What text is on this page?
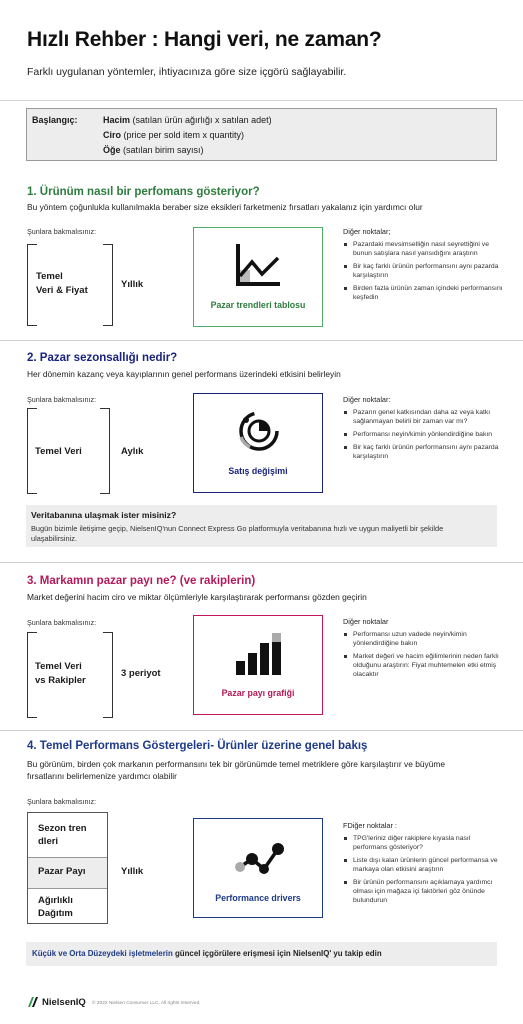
Hızlı Rehber : Hangi veri, ne zaman?
Farklı uygulanan yöntemler, ihtiyacınıza göre size içgörü sağlayabilir.
Başlangıç:	Hacim (satılan ürün ağırlığı x satılan adet)
Ciro (price per sold item x quantity)
Öğe (satılan birim sayısı)
1. Ürünüm nasıl bir perfomans gösteriyor?
Bu yöntem çoğunlukla kullanılmakla beraber size eksikleri farketmeniz fırsatları yakalanız için yardımcı olur
Şunlara bakmalısınız:
Temel
Veri & Fiyat
Yıllık
Pazar trendleri tablosu
Diğer noktalar;
Pazardaki mevsimselliğin nasıl seyrettiğini ve bunun satışlara nasıl yansıdığını araştırın
Bir kaç farklı ürünün performansını aynı pazarda karşılaştırın
Birden fazla ürünün zaman içindeki performansını keşfedin
2. Pazar sezonsallığı nedir?
Her dönemin kazanç veya kayıplarının genel performans üzerindeki etkisini belirleyin
Şunlara bakmalısınız:
Temel Veri	Aylık
Satış değişimi
Diğer noktalar:
Pazarın genel katkısından daha az veya katkı sağlanmayan belirli bir zaman var mı?
Performansı neyin/kimin yönlendirdiğine bakın
Bir kaç farklı ürünün performansını aynı pazarda karşılaştırın
Veritabanına ulaşmak ister misiniz?
Bugün bizimle iletişime geçip, NielsenIQ'nun Connect Express Go platformuyla veritabanına hızlı ve uygun maliyetli bir şekilde ulaşabilirsiniz.
3. Markamın pazar payı ne? (ve rakiplerin)
Market değerini hacim ciro ve miktar ölçümleriyle karşılaştırarak performansı gözden geçirin
Şunlara bakmalısınız:
Temel Veri
vs Rakipler
3 periyot
Pazar payı grafiği
Diğer noktalar
Performansı uzun vadede neyin/kimin yönlendirdiğine bakın
Market değeri ve hacim eğilimlerinin neden farklı olduğunu araştırın: Fiyat muhtemelen etki etmiş olacaktır
4. Temel Performans Göstergeleri- Ürünler üzerine genel bakış
Bu görünüm, birden çok markanın performansını tek bir görünümde temel metriklere göre karşılaştırır ve büyüme fırsatlarını belirlemenize yardımcı olabilir
Şunlara bakmalısınız:
Sezon tren
dleri
Pazar Payı
Ağırlıklı
Dağıtım
Yıllık
Performance drivers
FDiğer noktalar :
TPG'leriniz diğer rakiplere kıyasla nasıl performans gösteriyor?
Liste dışı kalan ürünlerin güncel performansa ve markaya olan etkisini araştırın
Bir ürünün performansını açıklamaya yardımcı olması için mağaza içi faktörleri göz önünde bulundurun
Küçük ve Orta Düzeydeki işletmelerin güncel içgörülere erişmesi için NielsenIQ' yu takip edin
NielsenIQ © 2022 Nielsen Consumer LLC. All rights reserved.
